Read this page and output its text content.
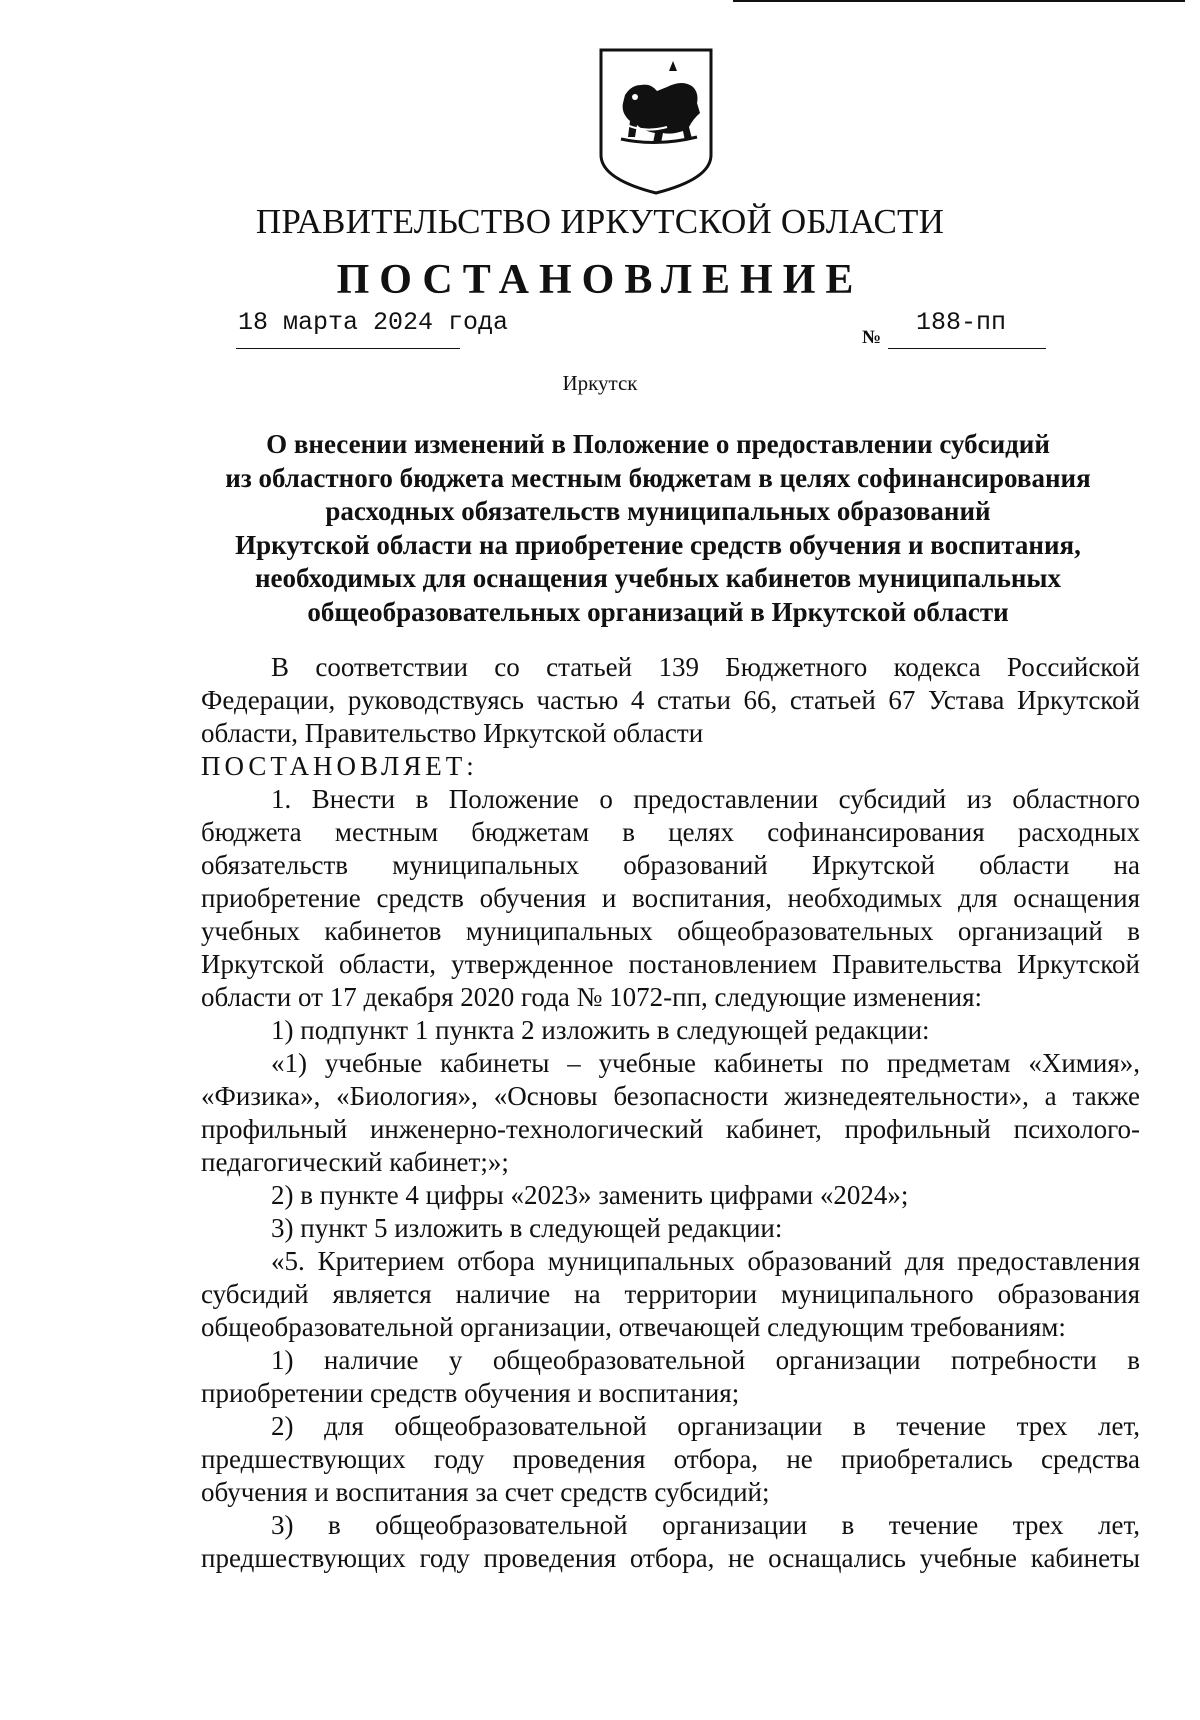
ПРАВИТЕЛЬСТВО ИРКУТСКОЙ ОБЛАСТИ
ПОСТАНОВЛЕНИЕ
18 марта 2024 года
№
188-пп
Иркутск
О внесении изменений в Положение о предоставлении субсидий
из областного бюджета местным бюджетам в целях софинансирования
расходных обязательств муниципальных образований
Иркутской области на приобретение средств обучения и воспитания,
необходимых для оснащения учебных кабинетов муниципальных
общеобразовательных организаций в Иркутской области
В соответствии со статьей 139 Бюджетного кодекса Российской
Федерации, руководствуясь частью 4 статьи 66, статьей 67 Устава Иркутской
области, Правительство Иркутской области
ПОСТАНОВЛЯЕТ:
1. Внести в Положение о предоставлении субсидий из областного
бюджета местным бюджетам в целях софинансирования расходных
обязательств муниципальных образований Иркутской области на
приобретение средств обучения и воспитания, необходимых для оснащения
учебных кабинетов муниципальных общеобразовательных организаций в
Иркутской области, утвержденное постановлением Правительства Иркутской
области от 17 декабря 2020 года № 1072-пп, следующие изменения:
1) подпункт 1 пункта 2 изложить в следующей редакции:
«1) учебные кабинеты – учебные кабинеты по предметам «Химия»,
«Физика», «Биология», «Основы безопасности жизнедеятельности», а также
профильный инженерно-технологический кабинет, профильный психолого-
педагогический кабинет;»;
2) в пункте 4 цифры «2023» заменить цифрами «2024»;
3) пункт 5 изложить в следующей редакции:
«5. Критерием отбора муниципальных образований для предоставления
субсидий является наличие на территории муниципального образования
общеобразовательной организации, отвечающей следующим требованиям:
1) наличие у общеобразовательной организации потребности в
приобретении средств обучения и воспитания;
2) для общеобразовательной организации в течение трех лет,
предшествующих году проведения отбора, не приобретались средства
обучения и воспитания за счет средств субсидий;
3) в общеобразовательной организации в течение трех лет,
предшествующих году проведения отбора, не оснащались учебные кабинеты
